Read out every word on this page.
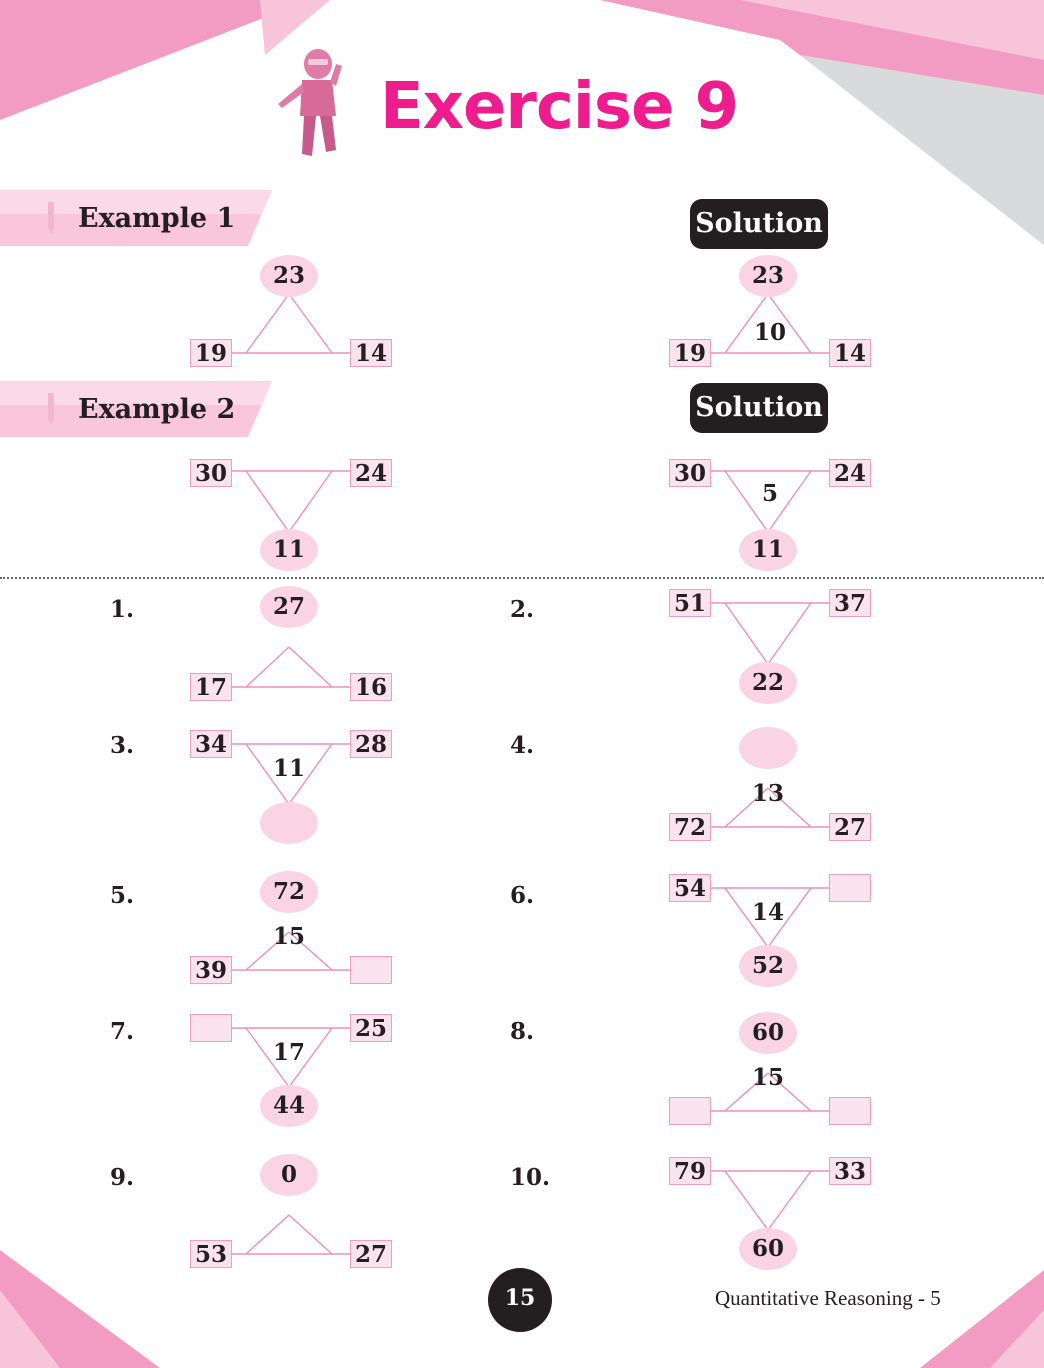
Exercise 9
Example 1
Example 2
Solution
Solution
23
19	14
23
19	14
10
30	24
11
30	24
5
11
1.
17	16
27	2.	51	37
22
3.	34	28
11
4.
72	27
13
5.
39
72
15
6.	54
52
14
7.	25
44
17
8.	60
15
9.
53	27
0	10.	79	33
60
15	Quantitative Reasoning - 5
